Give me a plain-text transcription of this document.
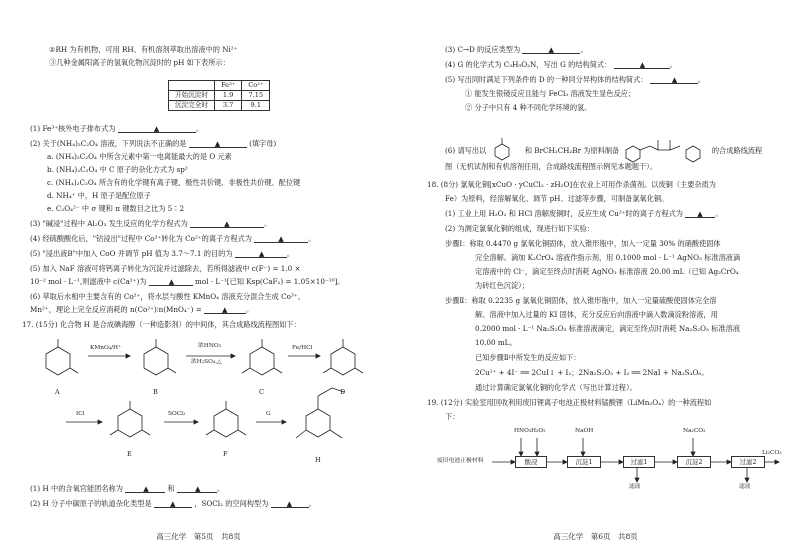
②RH 为有机物，可用 RH、有机溶剂萃取出溶液中的 Ni²⁺
③几种金属阳离子的氢氧化物沉淀时的 pH 如下表所示：
	Fe³⁺	Co²⁺
开始沉淀时	1.9	7.15
沉淀完全时	3.7	9.1
(1) Fe³⁺核外电子排布式为	▲	。
(2) 关于(NH₄)₂C₂O₄ 溶液，下列说法不正确的是	▲	(填字母)
a. (NH₄)₂C₂O₄ 中所含元素中第一电离能最大的是 O 元素
b. (NH₄)₂C₂O₄ 中 C 原子的杂化方式为 sp²
c. (NH₄)₂C₂O₄ 所含有的化学键有离子键、极性共价键、非极性共价键、配位键
d. NH₄⁺ 中，H 原子是配位原子
e. C₂O₄²⁻ 中 σ 键和 π 键数目之比为 5∶2
(3) "碱浸"过程中 Al₂O₃ 发生反应的化学方程式为	▲	。
(4) 经硫酸酸化后，"钴浸出"过程中 Co³⁺转化为 Co²⁺的离子方程式为	▲	。
(5) "浸出液B"中加入 CoO 并调节 pH 值为 3.7～7.1 的目的为	▲	。
(5) 加入 NaF 溶液可将钙离子转化为沉淀并过滤除去，若所得滤液中 c(F⁻) = 1.0 ×
10⁻² mol · L⁻¹,则滤液中 c(Ca²⁺)为	▲	mol · L⁻¹[已知 Ksp(CaF₂) = 1.05×10⁻¹⁰]。
(6) 萃取后水相中主要含有的 Co²⁺，将水层与酸性 KMnO₄ 溶液充分混合生成 Co³⁺、
Mn²⁺，理论上完全反应消耗的 n(Co²⁺)∶n(MnO₄⁻) =	▲	。
17. (15分) 化合物 H 是合成碘海醇（一种造影剂）的中间体，其合成路线流程图如下：
A	B	C	D
E	F
H
KMnO₄/H⁺	浓HNO₃
浓H₂SO₄,△
Fe/HCl
ICl	SOCl₂	G
(1) H 中的含氧官能团名称为	▲	和	▲ 。
(2) H 分子中碳原子的轨道杂化类型是	▲	，SOCl₂ 的空间构型为	▲ 。
高三化学　第5页　共8页
(3) C→D 的反应类型为	▲	。
(4) G 的化学式为 C₃H₉O₂N，写出 G 的结构简式：	▲	。
(5) 写出同时满足下列条件的 D 的一种同分异构体的结构简式：	▲	。
① 能发生银镜反应且能与 FeCl₃ 溶液发生显色反应；
② 分子中只有 4 种不同化学环境的氢。
(6) 请写出以	和 BrCH₂CH₂Br 为原料制备	的合成路线流程
图（无机试剂和有机溶剂任用，合成路线流程图示例见本题题干）。
18. (8分) 氯氧化铜[xCuO · yCuCl₂ · zH₂O]在农业上可用作杀菌剂。以废铜（主要杂质为
Fe）为原料，经溶解氧化、调节 pH、过滤等步骤，可制备氯氧化铜。
(1) 工业上用 H₂O₂ 和 HCl 溶解废铜时，反应生成 Cu²⁺时的离子方程式为 ▲ 。
(2) 为测定氯氧化铜的组成，现进行如下实验：
步骤Ⅰ：称取 0.4470 g 氯氧化铜固体，放入锥形瓶中，加入一定量 30% 的硝酸使固体
完全溶解。滴加 K₂CrO₄ 溶液作指示剂，用 0.1000 mol · L⁻¹ AgNO₃ 标准溶液滴
定溶液中的 Cl⁻，滴定至终点时消耗 AgNO₃ 标准溶液 20.00 mL（已知 Ag₂CrO₄
为砖红色沉淀）；
步骤Ⅱ：称取 0.2235 g 氯氧化铜固体，放入锥形瓶中，加入一定量硫酸使固体完全溶
解。溶液中加入过量的 KI 固体，充分反应后向溶液中滴入数滴淀粉溶液，用
0.2000 mol · L⁻¹ Na₂S₂O₃ 标准溶液滴定，滴定至终点时消耗 Na₂S₂O₃ 标准溶液
10.00 mL。
已知步骤Ⅱ中所发生的反应如下：
2Cu²⁺ + 4I⁻ ══ 2CuI↓ + I₂；2Na₂S₂O₃ + I₂ ══ 2NaI + Na₂S₄O₆。
通过计算确定氯氧化铜的化学式（写出计算过程）。
19. (12分) 实验室用回收利用废旧锂离子电池正极材料锰酸锂（LiMn₂O₄）的一种流程如
下：
HNO₃ H₂O₂	NaOH	Na₂CO₃
废旧电池正极材料	酸浸	沉淀1	过滤1	沉淀2	过滤2
滤液	滤液
Li₂CO₃
高三化学　第6页　共8页
